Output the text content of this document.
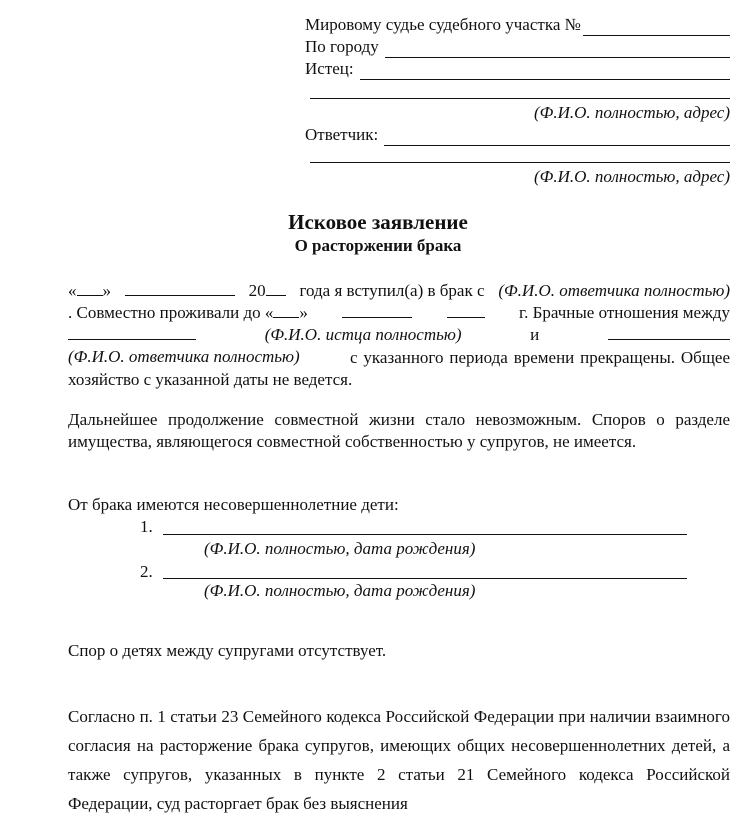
Мировому судье судебного участка №
По городу
Истец:
(Ф.И.О. полностью, адрес)
Ответчик:
(Ф.И.О. полностью, адрес)
Исковое заявление
О расторжении брака
« »	20	года я вступил(а) в брак с (Ф.И.О. ответчика полностью)
. Совместно проживали до « »	г. Брачные отношения между
(Ф.И.О. истца полностью)	и
(Ф.И.О. ответчика полностью)	с указанного периода времени прекращены. Общее хозяйство с указанной даты не ведется.
Дальнейшее продолжение совместной жизни стало невозможным. Споров о разделе имущества, являющегося совместной собственностью у супругов, не имеется.
От брака имеются несовершеннолетние дети:
1.
(Ф.И.О. полностью, дата рождения)
2.
(Ф.И.О. полностью, дата рождения)
Спор о детях между супругами отсутствует.
Согласно п. 1 статьи 23 Семейного кодекса Российской Федерации при наличии взаимного согласия на расторжение брака супругов, имеющих общих несовершеннолетних детей, а также супругов, указанных в пункте 2 статьи 21 Семейного кодекса Российской Федерации, суд расторгает брак без выяснения
